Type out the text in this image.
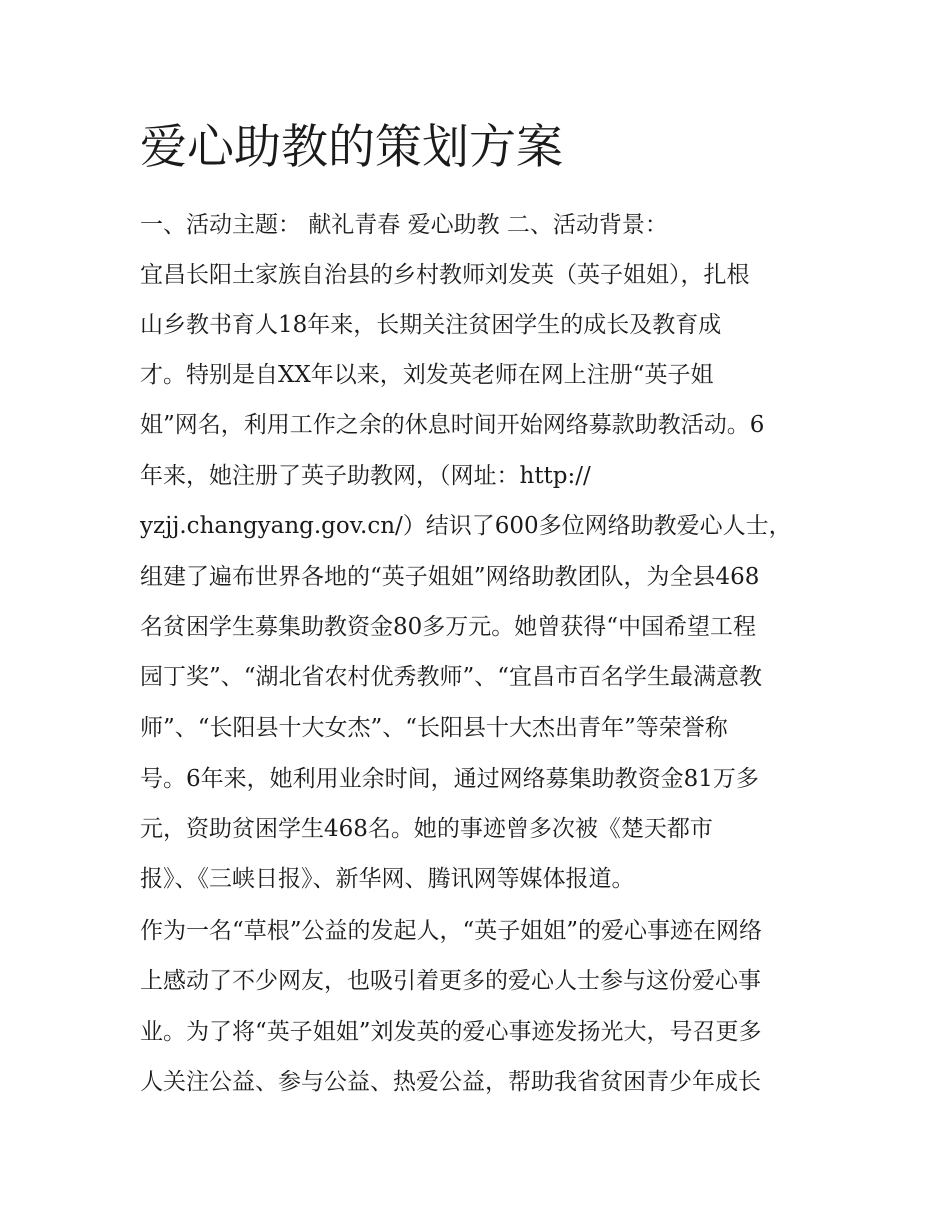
爱心助教的策划方案
一、活动主题： 献礼青春 爱心助教 二、活动背景：
宜昌长阳土家族自治县的乡村教师刘发英（英子姐姐），扎根
山乡教书育人18年来，长期关注贫困学生的成长及教育成
才。特别是自XX年以来，刘发英老师在网上注册“英子姐
姐”网名，利用工作之余的休息时间开始网络募款助教活动。6
年来，她注册了英子助教网，（网址：http://
yzjj.changyang.gov.cn/）结识了600多位网络助教爱心人士，
组建了遍布世界各地的“英子姐姐”网络助教团队，为全县468
名贫困学生募集助教资金80多万元。她曾获得“中国希望工程
园丁奖”、“湖北省农村优秀教师”、“宜昌市百名学生最满意教
师”、“长阳县十大女杰”、“长阳县十大杰出青年”等荣誉称
号。6年来，她利用业余时间，通过网络募集助教资金81万多
元，资助贫困学生468名。她的事迹曾多次被《楚天都市
报》、《三峡日报》、新华网、腾讯网等媒体报道。
作为一名“草根”公益的发起人，“英子姐姐”的爱心事迹在网络
上感动了不少网友，也吸引着更多的爱心人士参与这份爱心事
业。为了将“英子姐姐”刘发英的爱心事迹发扬光大，号召更多
人关注公益、参与公益、热爱公益，帮助我省贫困青少年成长
